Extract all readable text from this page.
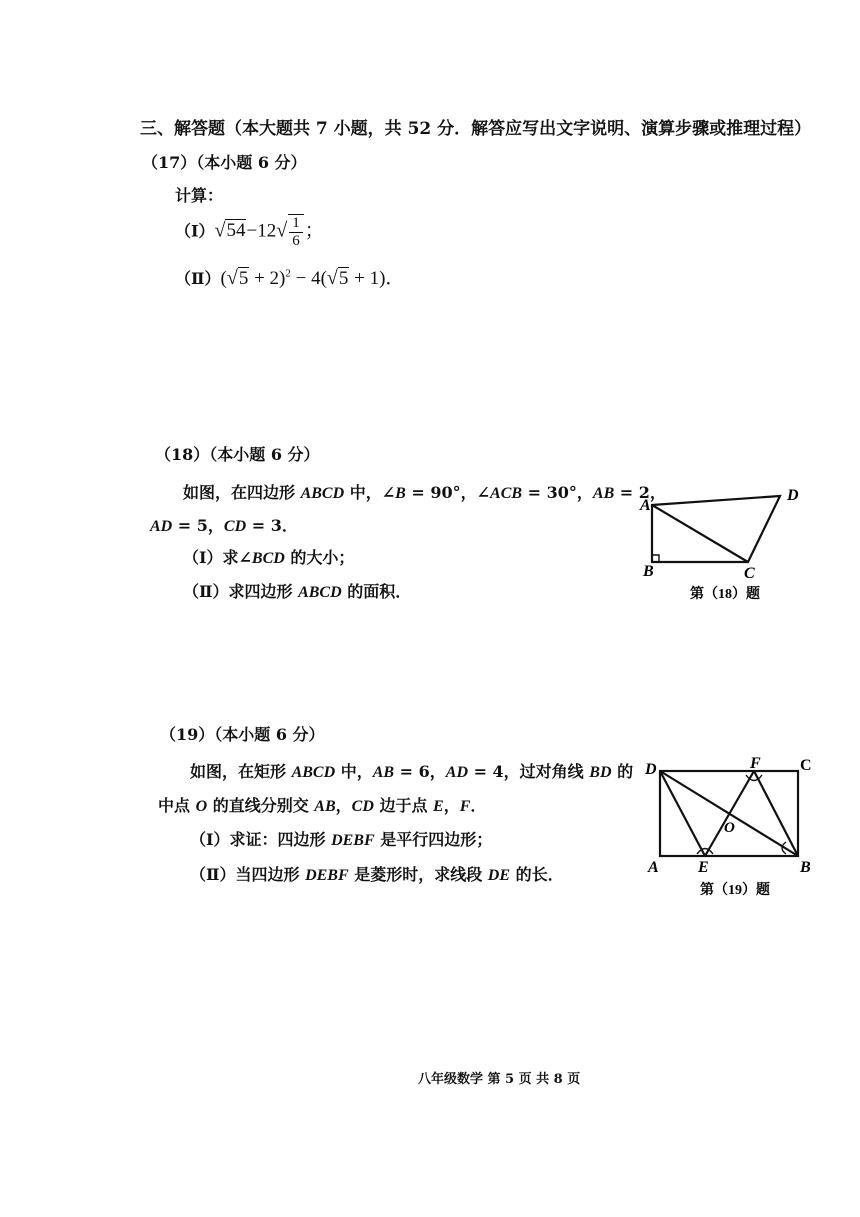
三、解答题（本大题共 7 小题，共 52 分．解答应写出文字说明、演算步骤或推理过程）
（17）（本小题 6 分）
计算：
（Ⅰ）√54−12√ $\frac{1}{6}$ ；
（Ⅱ）(√5 + 2)$^2$ − 4(√5 + 1)．
（18）（本小题 6 分）
如图，在四边形 ABCD 中，∠B = 90°，∠ACB = 30°，AB = 2，
AD = 5，CD = 3．
（Ⅰ）求∠BCD 的大小；
（Ⅱ）求四边形 ABCD 的面积．
A
D
C
B
第（18）题
（19）（本小题 6 分）
如图，在矩形 ABCD 中，AB = 6，AD = 4，过对角线 BD 的
中点 O 的直线分别交 AB，CD 边于点 E，F．
（Ⅰ）求证：四边形 DEBF 是平行四边形；
（Ⅱ）当四边形 DEBF 是菱形时，求线段 DE 的长．
D	F C
O
A E	B
第（19）题
八年级数学 第 5 页 共 8 页
